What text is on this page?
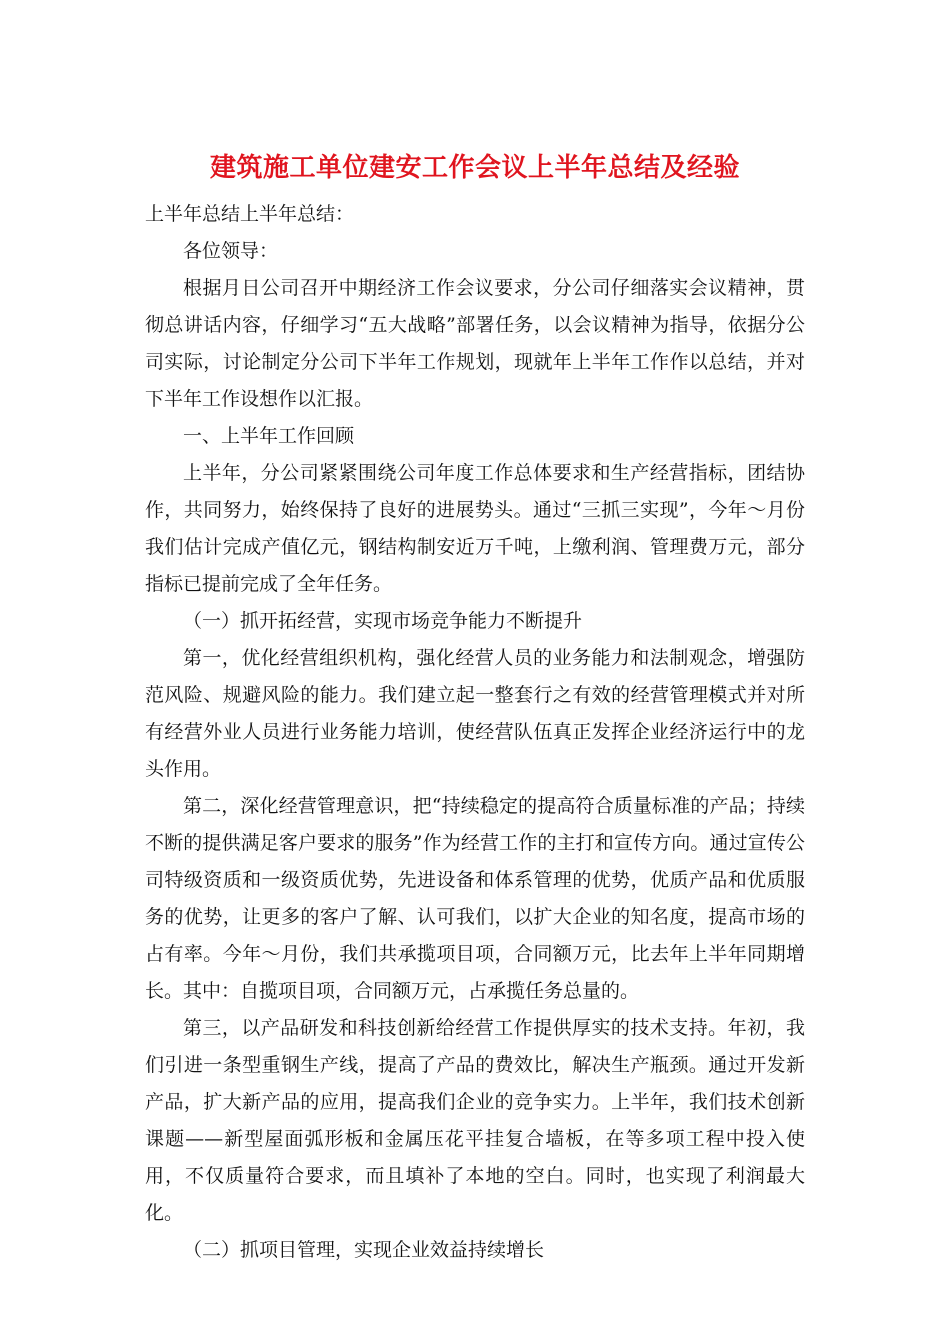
建筑施工单位建安工作会议上半年总结及经验

上半年总结上半年总结：

各位领导：

根据月日公司召开中期经济工作会议要求，分公司仔细落实会议精神，贯彻总讲话内容，仔细学习“五大战略”部署任务，以会议精神为指导，依据分公司实际，讨论制定分公司下半年工作规划，现就年上半年工作作以总结，并对下半年工作设想作以汇报。

一、上半年工作回顾

上半年，分公司紧紧围绕公司年度工作总体要求和生产经营指标，团结协作，共同努力，始终保持了良好的进展势头。通过“三抓三实现”，今年～月份我们估计完成产值亿元，钢结构制安近万千吨，上缴利润、管理费万元，部分指标已提前完成了全年任务。

（一）抓开拓经营，实现市场竞争能力不断提升

第一，优化经营组织机构，强化经营人员的业务能力和法制观念，增强防范风险、规避风险的能力。我们建立起一整套行之有效的经营管理模式并对所有经营外业人员进行业务能力培训，使经营队伍真正发挥企业经济运行中的龙头作用。

第二，深化经营管理意识，把“持续稳定的提高符合质量标准的产品；持续不断的提供满足客户要求的服务”作为经营工作的主打和宣传方向。通过宣传公司特级资质和一级资质优势，先进设备和体系管理的优势，优质产品和优质服务的优势，让更多的客户了解、认可我们，以扩大企业的知名度，提高市场的占有率。今年～月份，我们共承揽项目项，合同额万元，比去年上半年同期增长。其中：自揽项目项，合同额万元，占承揽任务总量的。

第三，以产品研发和科技创新给经营工作提供厚实的技术支持。年初，我们引进一条型重钢生产线，提高了产品的费效比，解决生产瓶颈。通过开发新产品，扩大新产品的应用，提高我们企业的竞争实力。上半年，我们技术创新课题——新型屋面弧形板和金属压花平挂复合墙板，在等多项工程中投入使用，不仅质量符合要求，而且填补了本地的空白。同时，也实现了利润最大化。

（二）抓项目管理，实现企业效益持续增长
